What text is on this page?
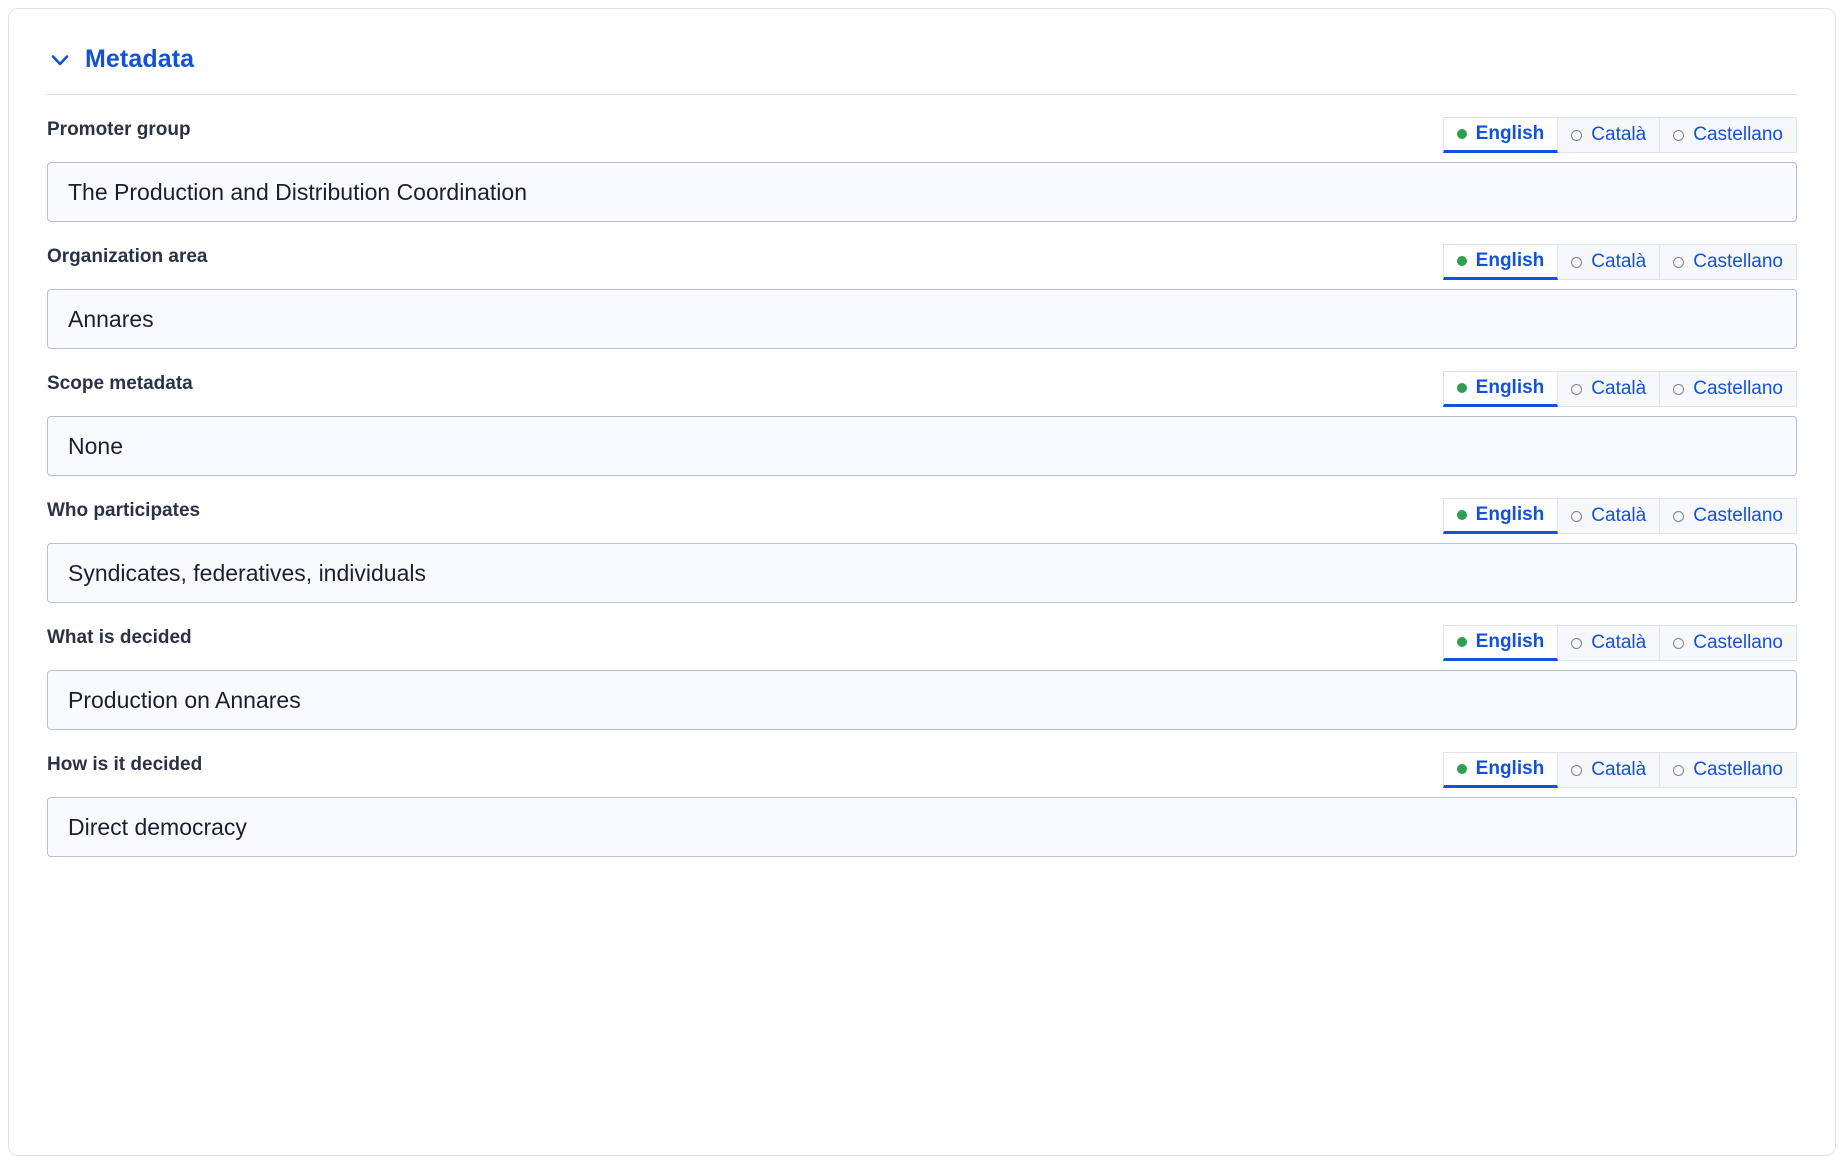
Metadata
Promoter group	English Català Castellano
The Production and Distribution Coordination
Organization area	English Català Castellano
Annares
Scope metadata	English Català Castellano
None
Who participates	English Català Castellano
Syndicates, federatives, individuals
What is decided	English Català Castellano
Production on Annares
How is it decided	English Català Castellano
Direct democracy
